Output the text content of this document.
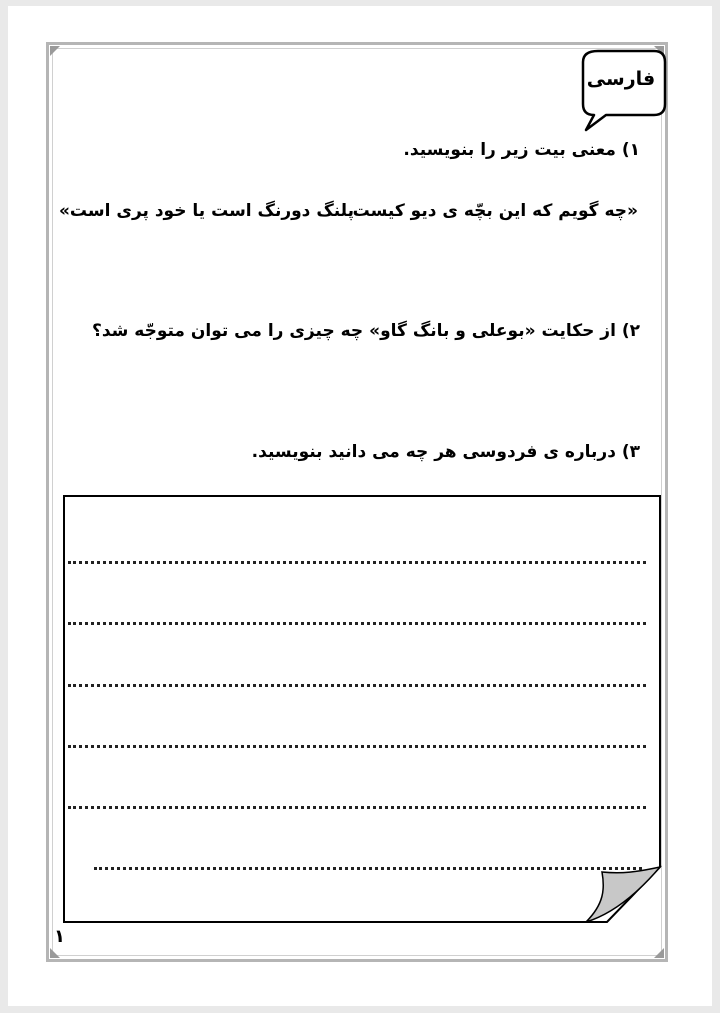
فارسی
۱) معنی بیت زیر را بنویسید.
«چه گویم که این بچّه ی دیو کیست
پلنگ دورنگ است یا خود پری است»
۲) از حکایت «بوعلی و بانگ گاو» چه چیزی را می توان متوجّه شد؟
۳) درباره ی فردوسی هر چه می دانید بنویسید.
۱
